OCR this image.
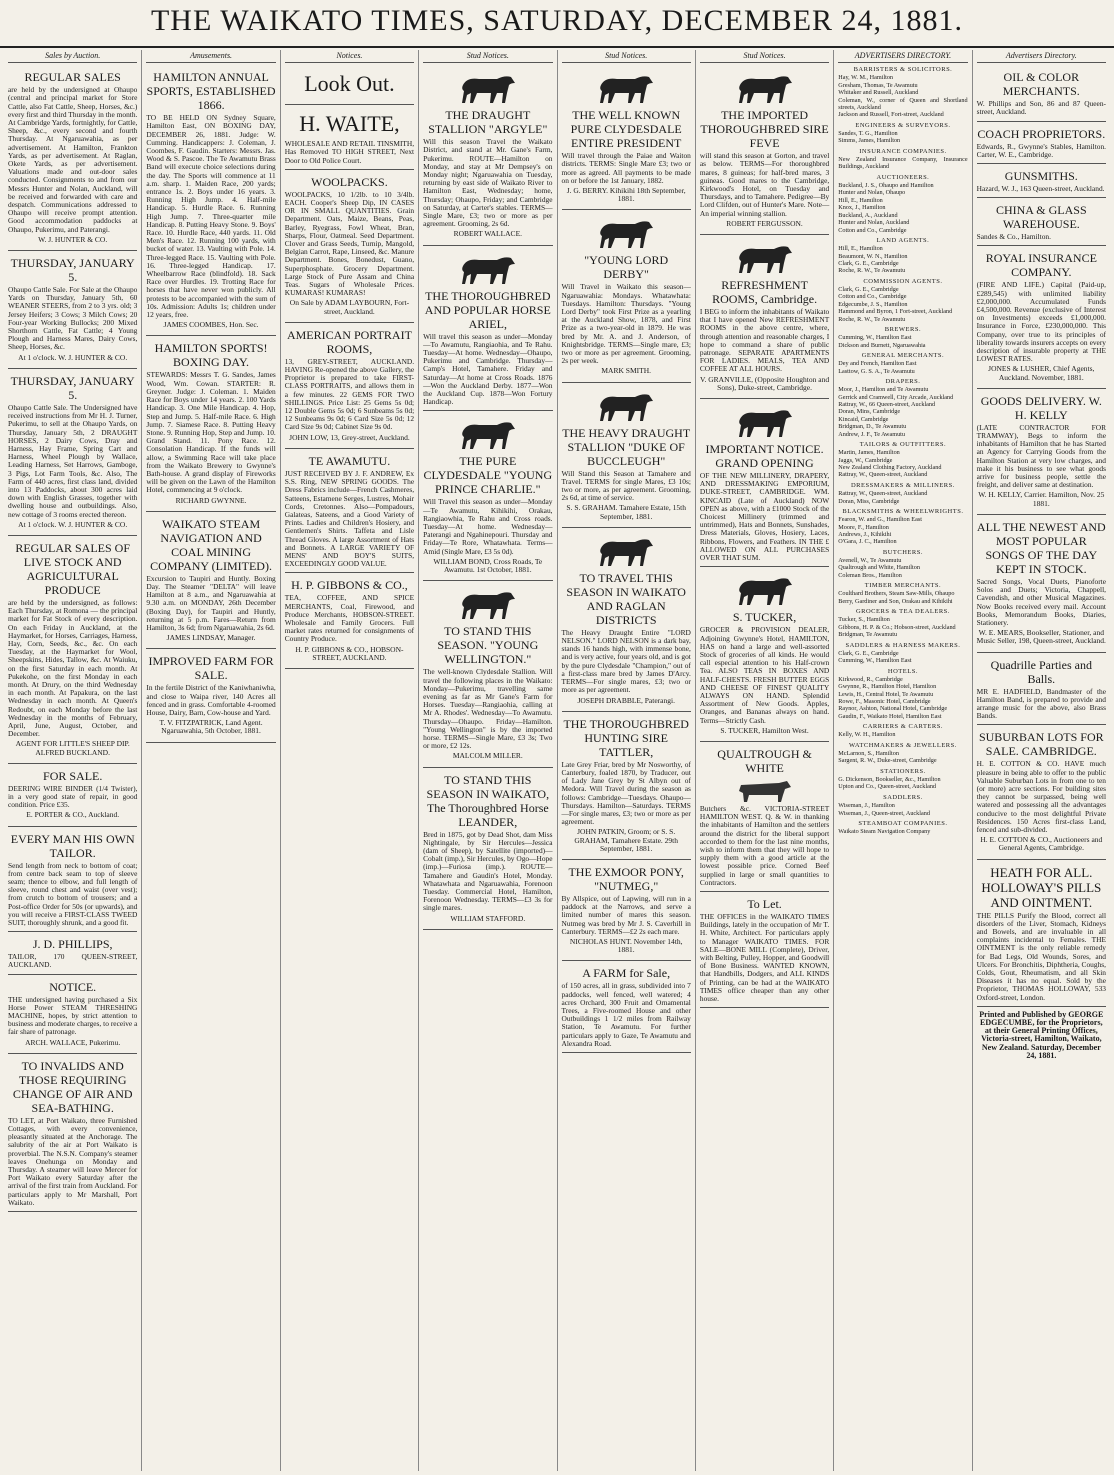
THE WAIKATO TIMES, SATURDAY, DECEMBER 24, 1881.
Sales by Auction.
REGULAR SALES
are held by the undersigned at Ohaupo (central and principal market for Store Cattle, also Fat Cattle, Sheep, Horses, &c.) every first and third Thursday in the month. At Cambridge Yards, fortnightly, for Cattle, Sheep, &c., every second and fourth Thursday. At Ngaruawahia, as per advertisement. At Hamilton, Frankton Yards, as per advertisement. At Raglan, Okete Yards, as per advertisement. Valuations made and out-door sales conducted. Consignments to and from our Messrs Hunter and Nolan, Auckland, will be received and forwarded with care and despatch. Communications addressed to Ohaupo will receive prompt attention. Good accommodation paddocks at Ohaupo, Pukerimu, and Paterangi.
W. J. HUNTER & CO.
THURSDAY, JANUARY 5.
Ohaupo Cattle Sale. For Sale at the Ohaupo Yards on Thursday, January 5th, 60 WEANER STEERS, from 2 to 3 yrs. old; 3 Jersey Heifers; 3 Cows; 3 Milch Cows; 20 Four-year Working Bullocks; 200 Mixed Shorthorn Cattle, Fat Cattle; 4 Young Plough and Harness Mares, Dairy Cows, Sheep, Horses, &c.
At 1 o'clock. W. J. HUNTER & CO.
THURSDAY, JANUARY 5.
Ohaupo Cattle Sale. The Undersigned have received instructions from Mr H. J. Turner, Pukerimu, to sell at the Ohaupo Yards, on Thursday, January 5th, 2 DRAUGHT HORSES, 2 Dairy Cows, Dray and Harness, Hay Frame, Spring Cart and Harness, Wheel Plough by Wallace, Leading Harness, Set Harrows, Gamboge, 3 Pigs, Lot Farm Tools, &c. Also, The Farm of 440 acres, first class land, divided into 13 Paddocks, about 300 acres laid down with English Grasses, together with dwelling house and outbuildings. Also, new cottage of 3 rooms erected thereon.
At 1 o'clock. W. J. HUNTER & CO.
REGULAR SALES OF LIVE STOCK AND AGRICULTURAL PRODUCE
are held by the undersigned, as follows: Each Thursday, at Romona — the principal market for Fat Stock of every description. On each Friday in Auckland, at the Haymarket, for Horses, Carriages, Harness, Hay, Corn, Seeds, &c., &c. On each Tuesday, at the Haymarket for Wool, Sheepskins, Hides, Tallow, &c. At Waiuku, on the first Saturday in each month. At Pukekohe, on the first Monday in each month. At Drury, on the third Wednesday in each month. At Papakura, on the last Wednesday in each month. At Queen's Redoubt, on each Monday before the last Wednesday in the months of February, April, June, August, October, and December.
AGENT FOR LITTLE'S SHEEP DIP. ALFRED BUCKLAND.
FOR SALE.
DEERING WIRE BINDER (1/4 Twister), in a very good state of repair, in good condition. Price £35.
E. PORTER & CO., Auckland.
EVERY MAN HIS OWN TAILOR.
Send length from neck to bottom of coat; from centre back seam to top of sleeve seam; thence to elbow, and full length of sleeve, round chest and waist (over vest); from crutch to bottom of trousers; and a Post-office Order for 50s (or upwards), and you will receive a FIRST-CLASS TWEED SUIT, thoroughly shrunk, and a good fit.
J. D. PHILLIPS,
TAILOR, 170 QUEEN-STREET, AUCKLAND.
NOTICE.
THE undersigned having purchased a Six Horse Power STEAM THRESHING MACHINE, hopes, by strict attention to business and moderate charges, to receive a fair share of patronage.
ARCH. WALLACE, Pukerimu.
TO INVALIDS AND THOSE REQUIRING CHANGE OF AIR AND SEA-BATHING.
TO LET, at Port Waikato, three Furnished Cottages, with every convenience, pleasantly situated at the Anchorage. The salubrity of the air at Port Waikato is proverbial. The N.S.N. Company's steamer leaves Onehunga on Monday and Thursday. A steamer will leave Mercer for Port Waikato every Saturday after the arrival of the first train from Auckland. For particulars apply to Mr Marshall, Port Waikato.
Amusements.
HAMILTON ANNUAL SPORTS, ESTABLISHED 1866.
TO BE HELD ON Sydney Square, Hamilton East, ON BOXING DAY, DECEMBER 26, 1881. Judge: W. Cumming. Handicappers: J. Coleman, J. Coombes, F. Gaudin. Starters: Messrs. Jas. Wood & S. Pascoe. The Te Awamutu Brass Band will execute choice selections during the day. The Sports will commence at 11 a.m. sharp. 1. Maiden Race, 200 yards; entrance 1s. 2. Boys under 16 years. 3. Running High Jump. 4. Half-mile Handicap. 5. Hurdle Race. 6. Running High Jump. 7. Three-quarter mile Handicap. 8. Putting Heavy Stone. 9. Boys' Race. 10. Hurdle Race, 440 yards. 11. Old Men's Race. 12. Running 100 yards, with bucket of water. 13. Vaulting with Pole. 14. Three-legged Race. 15. Vaulting with Pole. 16. Three-legged Handicap. 17. Wheelbarrow Race (blindfold). 18. Sack Race over Hurdles. 19. Trotting Race for horses that have never won publicly. All protests to be accompanied with the sum of 10s. Admission: Adults 1s; children under 12 years, free.
JAMES COOMBES, Hon. Sec.
HAMILTON SPORTS! BOXING DAY.
STEWARDS: Messrs T. G. Sandes, James Wood, Wm. Cowan. STARTER: R. Greyner. Judge: J. Coleman. 1. Maiden Race for Boys under 14 years. 2. 100 Yards Handicap. 3. One Mile Handicap. 4. Hop, Step and Jump. 5. Half-mile Race. 6. High Jump. 7. Siamese Race. 8. Putting Heavy Stone. 9. Running Hop, Step and Jump. 10. Grand Stand. 11. Pony Race. 12. Consolation Handicap. If the funds will allow, a Swimming Race will take place from the Waikato Brewery to Gwynne's Bath-house. A grand display of Fireworks will be given on the Lawn of the Hamilton Hotel, commencing at 9 o'clock.
RICHARD GWYNNE.
WAIKATO STEAM NAVIGATION AND COAL MINING COMPANY (LIMITED).
Excursion to Taupiri and Huntly. Boxing Day. The Steamer "DELTA" will leave Hamilton at 8 a.m., and Ngaruawahia at 9.30 a.m. on MONDAY, 26th December (Boxing Day), for Taupiri and Huntly, returning at 5 p.m. Fares—Return from Hamilton, 3s 6d; from Ngaruawahia, 2s 6d.
JAMES LINDSAY, Manager.
IMPROVED FARM FOR SALE.
In the fertile District of the Kaniwhaniwha, and close to Waipa river, 140 Acres all fenced and in grass. Comfortable 4-roomed House, Dairy, Barn, Cow-house and Yard.
T. V. FITZPATRICK, Land Agent. Ngaruawahia, 5th October, 1881.
Notices.
Look Out.
H. WAITE,
WHOLESALE AND RETAIL TINSMITH, Has Removed TO HIGH STREET, Next Door to Old Police Court.
WOOLPACKS.
WOOLPACKS, 10 1/2lb. to 10 3/4lb. EACH. Cooper's Sheep Dip, IN CASES OR IN SMALL QUANTITIES. Grain Department. Oats, Maize, Beans, Peas, Barley, Ryegrass, Fowl Wheat, Bran, Sharps, Flour, Oatmeal. Seed Department. Clover and Grass Seeds, Turnip, Mangold, Belgian Carrot, Rape, Linseed, &c. Manure Department. Bones, Bonedust, Guano, Superphosphate. Grocery Department. Large Stock of Pure Assam and China Teas. Sugars of Wholesale Prices. KUMARAS! KUMARAS!
On Sale by ADAM LAYBOURN, Fort-street, Auckland.
AMERICAN PORTRAIT ROOMS,
13, GREY-STREET, AUCKLAND. HAVING Re-opened the above Gallery, the Proprietor is prepared to take FIRST-CLASS PORTRAITS, and allows them in a few minutes. 22 GEMS FOR TWO SHILLINGS. Price List: 25 Gems 5s 0d; 12 Double Gems 5s 0d; 6 Sunbeams 5s 0d; 12 Sunbeams 9s 0d; 6 Card Size 5s 0d; 12 Card Size 9s 0d; Cabinet Size 9s 0d.
JOHN LOW, 13, Grey-street, Auckland.
TE AWAMUTU.
JUST RECEIVED BY J. F. ANDREW, Ex S.S. Ring, NEW SPRING GOODS. The Dress Fabrics include—French Cashmeres, Satteens, Estamene Serges, Lustres, Mohair Cords, Cretonnes. Also—Pompadours, Galateas, Sateens, and a Good Variety of Prints. Ladies and Children's Hosiery, and Gentlemen's Shirts. Taffeta and Lisle Thread Gloves. A large Assortment of Hats and Bonnets. A LARGE VARIETY OF MENS' AND BOY'S SUITS, EXCEEDINGLY GOOD VALUE.
H. P. GIBBONS & CO.,
TEA, COFFEE, AND SPICE MERCHANTS, Coal, Firewood, and Produce Merchants, HOBSON-STREET. Wholesale and Family Grocers. Full market rates returned for consignments of Country Produce.
H. P. GIBBONS & CO., HOBSON-STREET, AUCKLAND.
Stud Notices.
THE DRAUGHT STALLION "ARGYLE"
Will this season Travel the Waikato District, and stand at Mr. Gane's Farm, Pukerimu. ROUTE—Hamilton on Monday, and stay at Mr Dempsey's on Monday night; Ngaruawahia on Tuesday, returning by east side of Waikato River to Hamilton East, Wednesday; home, Thursday; Ohaupo, Friday; and Cambridge on Saturday, at Carter's stables. TERMS—Single Mare, £3; two or more as per agreement. Grooming, 2s 6d.
ROBERT WALLACE.
THE THOROUGHBRED AND POPULAR HORSE ARIEL,
Will travel this season as under—Monday—To Awamutu, Rangiaohia, and Te Rahu. Tuesday—At home. Wednesday—Ohaupo, Pukerimu and Cambridge. Thursday—Camp's Hotel, Tamahere. Friday and Saturday—At home at Cross Roads. 1876—Won the Auckland Derby. 1877—Won the Auckland Cup. 1878—Won Fortury Handicap.
THE PURE CLYDESDALE "YOUNG PRINCE CHARLIE."
Will Travel this season as under—Monday—Te Awamutu, Kihikihi, Orakau, Rangiaowhia, Te Rahu and Cross roads. Tuesday—At home. Wednesday—Paterangi and Ngahinepouri. Thursday and Friday—Te Rore, Whatawhata. Terms—Amid (Single Mare, £3 5s 0d).
WILLIAM BOND, Cross Roads, Te Awamutu. 1st October, 1881.
TO STAND THIS SEASON. "YOUNG WELLINGTON."
The well-known Clydesdale Stallion. Will travel the following places in the Waikato: Monday—Pukerimu, travelling same evening as far as Mr Gane's Farm for Horses. Tuesday—Rangiaohia, calling at Mr A. Rhodes'. Wednesday—To Awamutu. Thursday—Ohaupo. Friday—Hamilton. "Young Wellington" is by the imported horse. TERMS—Single Mare, £3 3s; Two or more, £2 12s.
MALCOLM MILLER.
TO STAND THIS SEASON IN WAIKATO, The Thoroughbred Horse LEANDER,
Bred in 1875, got by Dead Shot, dam Miss Nightingale, by Sir Hercules—Jessica (dam of Sheep), by Satellite (imported)—Cobalt (imp.), Sir Hercules, by Ogo—Hope (imp.)—Furiosa (imp.). ROUTE—Tamahere and Gaudin's Hotel, Monday. Whatawhata and Ngaruawahia, Forenoon Tuesday. Commercial Hotel, Hamilton, Forenoon Wednesday. TERMS—£3 3s for single mares.
WILLIAM STAFFORD.
Stud Notices.
THE WELL KNOWN PURE CLYDESDALE ENTIRE PRESIDENT
Will travel through the Paiae and Waiton districts. TERMS: Single Mare £3; two or more as agreed. All payments to be made on or before the 1st January, 1882.
J. G. BERRY. Kihikihi 18th September, 1881.
"YOUNG LORD DERBY"
Will Travel in Waikato this season—Ngaruawahia: Mondays. Whatawhata: Tuesdays. Hamilton: Thursdays. "Young Lord Derby" took First Prize as a yearling at the Auckland Show, 1878, and First Prize as a two-year-old in 1879. He was bred by Mr. A. and J. Anderson, of Knightsbridge. TERMS—Single mare, £3; two or more as per agreement. Grooming, 2s per week.
MARK SMITH.
THE HEAVY DRAUGHT STALLION "DUKE OF BUCCLEUGH"
Will Stand this Season at Tamahere and Travel. TERMS for single Mares, £3 10s; two or more, as per agreement. Grooming, 2s 6d, at time of service.
S. S. GRAHAM. Tamahere Estate, 15th September, 1881.
TO TRAVEL THIS SEASON IN WAIKATO AND RAGLAN DISTRICTS
The Heavy Draught Entire "LORD NELSON." LORD NELSON is a dark bay, stands 16 hands high, with immense bone, and is very active, four years old, and is got by the pure Clydesdale "Champion," out of a first-class mare bred by James D'Arcy. TERMS—For single mares, £3; two or more as per agreement.
JOSEPH DRABBLE, Paterangi.
THE THOROUGHBRED HUNTING SIRE TATTLER,
Late Grey Friar, bred by Mr Nosworthy, of Canterbury, foaled 1870, by Traducer, out of Lady Jane Grey by St Albyn out of Medora. Will Travel during the season as follows: Cambridge—Tuesdays. Ohaupo—Thursdays. Hamilton—Saturdays. TERMS—For single mares, £3; two or more as per agreement.
JOHN PATKIN, Groom; or S. S. GRAHAM, Tamahere Estate. 29th September, 1881.
THE EXMOOR PONY, "NUTMEG,"
By Allspice, out of Lapwing, will run in a paddock at the Narrows, and serve a limited number of mares this season. Nutmeg was bred by Mr J. S. Caverhill in Canterbury. TERMS—£2 2s each mare.
NICHOLAS HUNT. November 14th, 1881.
A FARM for Sale,
of 150 acres, all in grass, subdivided into 7 paddocks, well fenced, well watered; 4 acres Orchard, 300 Fruit and Ornamental Trees, a Five-roomed House and other Outbuildings 1 1/2 miles from Railway Station, Te Awamutu. For further particulars apply to Gaze, Te Awamutu and Alexandra Road.
Stud Notices.
THE IMPORTED THOROUGHBRED SIRE FEVE
will stand this season at Gorton, and travel as below. TERMS—For thoroughbred mares, 8 guineas; for half-bred mares, 3 guineas. Good mares to the Cambridge, Kirkwood's Hotel, on Tuesday and Thursdays, and to Tamahere. Pedigree—By Lord Clifden, out of Hunter's Mare. Note—An imperial winning stallion.
ROBERT FERGUSSON.
REFRESHMENT ROOMS, Cambridge.
I BEG to inform the inhabitants of Waikato that I have opened New REFRESHMENT ROOMS in the above centre, where, through attention and reasonable charges, I hope to command a share of public patronage. SEPARATE APARTMENTS FOR LADIES. MEALS, TEA AND COFFEE AT ALL HOURS.
V. GRANVILLE, (Opposite Houghton and Sons), Duke-street, Cambridge.
IMPORTANT NOTICE. GRAND OPENING
OF THE NEW MILLINERY, DRAPERY, AND DRESSMAKING EMPORIUM, DUKE-STREET, CAMBRIDGE. WM. KINCAID (Late of Auckland) NOW OPEN as above, with a £1000 Stock of the Choicest Millinery (trimmed and untrimmed), Hats and Bonnets, Sunshades, Dress Materials, Gloves, Hosiery, Laces, Ribbons, Flowers, and Feathers. IN THE £ ALLOWED ON ALL PURCHASES OVER THAT SUM.
S. TUCKER,
GROCER & PROVISION DEALER, Adjoining Gwynne's Hotel, HAMILTON, HAS on hand a large and well-assorted Stock of groceries of all kinds. He would call especial attention to his Half-crown Tea. ALSO TEAS IN BOXES AND HALF-CHESTS. FRESH BUTTER EGGS AND CHEESE OF FINEST QUALITY ALWAYS ON HAND. Splendid Assortment of New Goods. Apples, Oranges, and Bananas always on hand. Terms—Strictly Cash.
S. TUCKER, Hamilton West.
QUALTROUGH & WHITE
Butchers &c. VICTORIA-STREET HAMILTON WEST. Q. & W. in thanking the inhabitants of Hamilton and the settlers around the district for the liberal support accorded to them for the last nine months, wish to inform them that they will hope to supply them with a good article at the lowest possible price. Corned Beef supplied in large or small quantities to Contractors.
To Let.
THE OFFICES in the WAIKATO TIMES Buildings, lately in the occupation of Mr T. H. White, Architect. For particulars apply to Manager WAIKATO TIMES. FOR SALE—BONE MILL (Complete), Driver, with Belting, Pulley, Hopper, and Goodwill of Bone Business. WANTED KNOWN, that Handbills, Dodgers, and ALL KINDS of Printing, can be had at the WAIKATO TIMES office cheaper than any other house.
ADVERTISERS DIRECTORY.
BARRISTERS & SOLICITORS.
Hay, W. M., Hamilton
Gresham, Thomas, Te Awamutu
Whitaker and Russell, Auckland
Coleman, W., corner of Queen and Shortland streets, Auckland
Jackson and Russell, Fort-street, Auckland
ENGINEERS & SURVEYORS.
Sandes, T. G., Hamilton
Simms, James, Hamilton
INSURANCE COMPANIES.
New Zealand Insurance Company, Insurance Buildings, Auckland
AUCTIONEERS.
Buckland, J. S., Ohaupo and Hamilton
Hunter and Nolan, Ohaupo
Hill, E., Hamilton
Knox, J., Hamilton
Buckland, A., Auckland
Hunter and Nolan, Auckland
Cotton and Co., Cambridge
LAND AGENTS.
Hill, E., Hamilton
Beaumont, W. N., Hamilton
Clark, G. E., Cambridge
Roche, R. W., Te Awamutu
COMMISSION AGENTS.
Clark, G. E., Cambridge
Cotton and Co., Cambridge
Edgecumbe, J. S., Hamilton
Hammond and Byron, 1 Fort-street, Auckland
Roche, R. W., Te Awamutu
BREWERS.
Cumming, W., Hamilton East
Dickson and Burnett, Ngaruawahia
GENERAL MERCHANTS.
Dey and French, Hamilton East
Lasttow, G. S. A., Te Awamutu
DRAPERS.
Moor, J., Hamilton and Te Awamutu
Gerrick and Cramwell, City Arcade, Auckland
Rattray, W., 66 Queen-street, Auckland
Doran, Mins, Cambridge
Kincaid, Cambridge
Bridgman, D., Te Awamutu
Andrew, J. F., Te Awamutu
TAILORS & OUTFITTERS.
Martin, James, Hamilton
Jaggs, W., Cambridge
New Zealand Clothing Factory, Auckland
Rattray, W., Queen-street, Auckland
DRESSMAKERS & MILLINERS.
Rattray, W., Queen-street, Auckland
Doran, Miss, Cambridge
BLACKSMITHS & WHEELWRIGHTS.
Fearon, W. and G., Hamilton East
Moore, F., Hamilton
Andrews, J., Kihikihi
O'Gara, J. C., Hamilton
BUTCHERS.
Avenell, W., Te Awamutu
Qualtrough and White, Hamilton
Coleman Bros., Hamilton
TIMBER MERCHANTS.
Coulthard Brothers, Steam Saw-Mills, Ohaupo
Berry, Gardiner and Son, Orakau and Kihikihi
GROCERS & TEA DEALERS.
Tucker, S., Hamilton
Gibbons, H. P. & Co.; Hobson-street, Auckland
Bridgman, Te Awamutu
SADDLERS & HARNESS MAKERS.
Clark, G. E., Cambridge
Cumming, W., Hamilton East
HOTELS.
Kirkwood, R., Cambridge
Gwynne, R., Hamilton Hotel, Hamilton
Lewis, H., Central Hotel, Te Awamutu
Rowe, F., Masonic Hotel, Cambridge
Raynor, Ashton, National Hotel, Cambridge
Gaudin, F., Waikato Hotel, Hamilton East
CARRIERS & CARTERS.
Kelly, W. H., Hamilton
WATCHMAKERS & JEWELLERS.
McLarnon, S., Hamilton
Sargent, R. W., Duke-street, Cambridge
STATIONERS.
G. Dickenson, Bookseller, &c., Hamilton
Upton and Co., Queen-street, Auckland
SADDLERS.
Wiseman, J., Hamilton
Wiseman, J., Queen-street, Auckland
STEAMBOAT COMPANIES.
Waikato Steam Navigation Company
Advertisers Directory.
OIL & COLOR MERCHANTS.
W. Phillips and Son, 86 and 87 Queen-street, Auckland.
COACH PROPRIETORS.
Edwards, R., Gwynne's Stables, Hamilton. Carter, W. E., Cambridge.
GUNSMITHS.
Hazard, W. J., 163 Queen-street, Auckland.
CHINA & GLASS WAREHOUSE.
Sandes & Co., Hamilton.
ROYAL INSURANCE COMPANY.
(FIRE AND LIFE.) Capital (Paid-up, £289,545) with unlimited liability £2,000,000. Accumulated Funds £4,500,000. Revenue (exclusive of Interest on Investments) exceeds £1,000,000. Insurance in Force, £230,000,000. This Company, over true to its principles of liberality towards insurers accepts on every description of insurable property at THE LOWEST RATES.
JONES & LUSHER, Chief Agents, Auckland. November, 1881.
GOODS DELIVERY. W. H. KELLY
(LATE CONTRACTOR FOR TRAMWAY), Begs to inform the inhabitants of Hamilton that he has Started an Agency for Carrying Goods from the Hamilton Station at very low charges, and make it his business to see what goods arrive for business people, settle the freight, and deliver same at destination.
W. H. KELLY, Carrier. Hamilton, Nov. 25 1881.
ALL THE NEWEST AND MOST POPULAR SONGS OF THE DAY KEPT IN STOCK.
Sacred Songs, Vocal Duets, Pianoforte Solos and Duets; Victoria, Chappell, Cavendish, and other Musical Magazines. Now Books received every mail. Account Books, Memorandum Books, Diaries, Stationery.
W. E. MEARS, Bookseller, Stationer, and Music Seller, 198, Queen-street, Auckland.
Quadrille Parties and Balls.
MR E. HADFIELD, Bandmaster of the Hamilton Band, is prepared to provide and arrange music for the above, also Brass Bands.
SUBURBAN LOTS FOR SALE. CAMBRIDGE.
H. E. COTTON & CO. HAVE much pleasure in being able to offer to the public Valuable Suburban Lots in from one to ten (or more) acre sections. For building sites they cannot be surpassed, being well watered and possessing all the advantages conducive to the most delightful Private Residences. 150 Acres first-class Land, fenced and sub-divided.
H. E. COTTON & CO., Auctioneers and General Agents, Cambridge.
HEATH FOR ALL. HOLLOWAY'S PILLS AND OINTMENT.
THE PILLS Purify the Blood, correct all disorders of the Liver, Stomach, Kidneys and Bowels, and are invaluable in all complaints incidental to Females. THE OINTMENT is the only reliable remedy for Bad Legs, Old Wounds, Sores, and Ulcers. For Bronchitis, Diphtheria, Coughs, Colds, Gout, Rheumatism, and all Skin Diseases it has no equal. Sold by the Proprietor, THOMAS HOLLOWAY, 533 Oxford-street, London.
Printed and Published by GEORGE EDGECUMBE, for the Proprietors, at their General Printing Offices, Victoria-street, Hamilton, Waikato, New Zealand. Saturday, December 24, 1881.
